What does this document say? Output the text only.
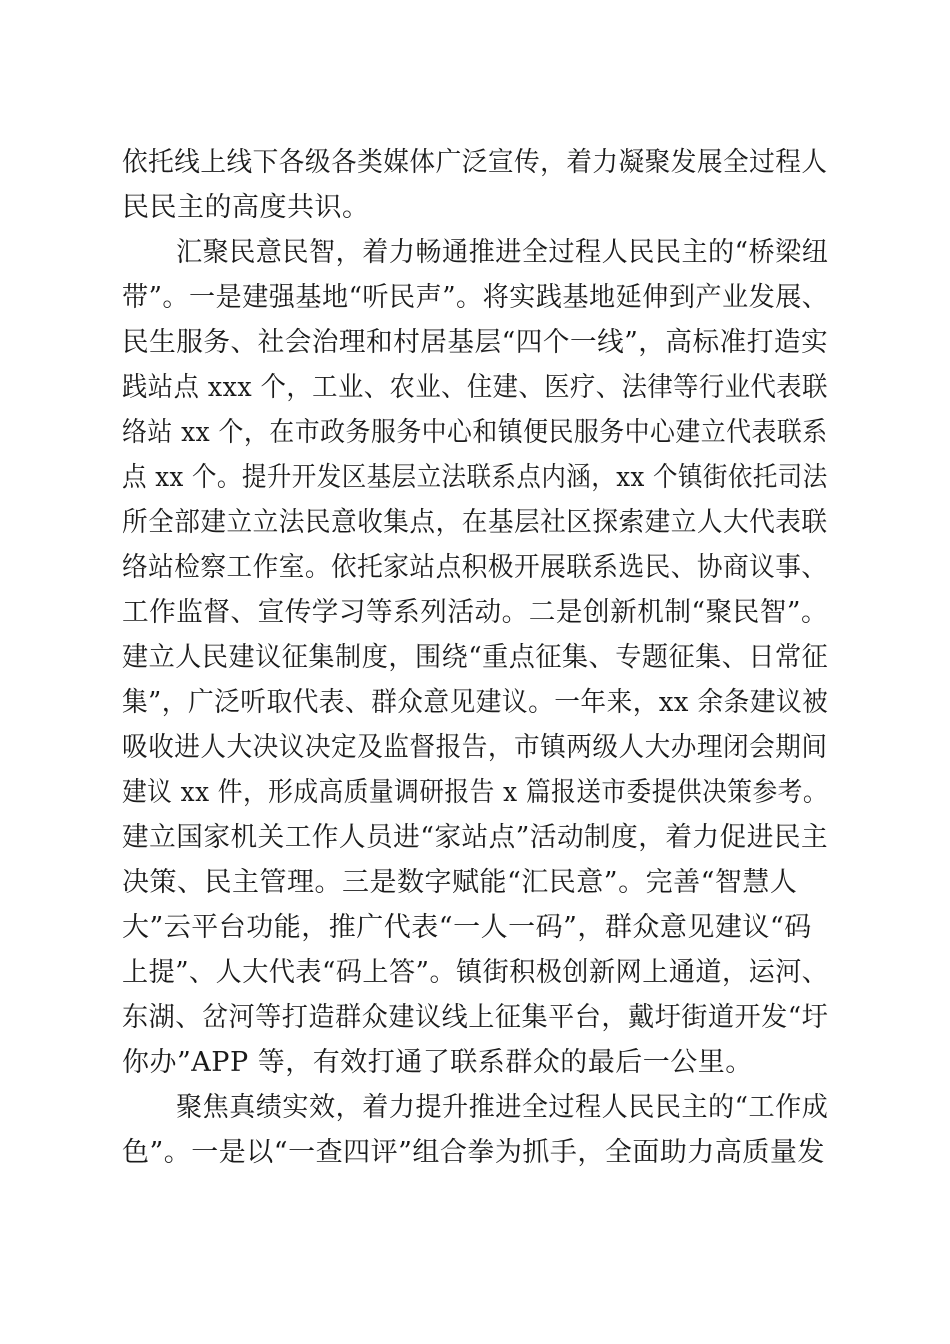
依托线上线下各级各类媒体广泛宣传，着力凝聚发展全过程人
民民主的高度共识。
汇聚民意民智，着力畅通推进全过程人民民主的“桥梁纽
带”。一是建强基地“听民声”。将实践基地延伸到产业发展、
民生服务、社会治理和村居基层“四个一线”，高标准打造实
践站点 xxx 个，工业、农业、住建、医疗、法律等行业代表联
络站 xx 个，在市政务服务中心和镇便民服务中心建立代表联系
点 xx 个。提升开发区基层立法联系点内涵，xx 个镇街依托司法
所全部建立立法民意收集点，在基层社区探索建立人大代表联
络站检察工作室。依托家站点积极开展联系选民、协商议事、
工作监督、宣传学习等系列活动。二是创新机制“聚民智”。
建立人民建议征集制度，围绕“重点征集、专题征集、日常征
集”，广泛听取代表、群众意见建议。一年来，xx 余条建议被
吸收进人大决议决定及监督报告，市镇两级人大办理闭会期间
建议 xx 件，形成高质量调研报告 x 篇报送市委提供决策参考。
建立国家机关工作人员进“家站点”活动制度，着力促进民主
决策、民主管理。三是数字赋能“汇民意”。完善“智慧人
大”云平台功能，推广代表“一人一码”，群众意见建议“码
上提”、人大代表“码上答”。镇街积极创新网上通道，运河、
东湖、岔河等打造群众建议线上征集平台，戴圩街道开发“圩
你办”APP 等，有效打通了联系群众的最后一公里。
聚焦真绩实效，着力提升推进全过程人民民主的“工作成
色”。一是以“一查四评”组合拳为抓手，全面助力高质量发
